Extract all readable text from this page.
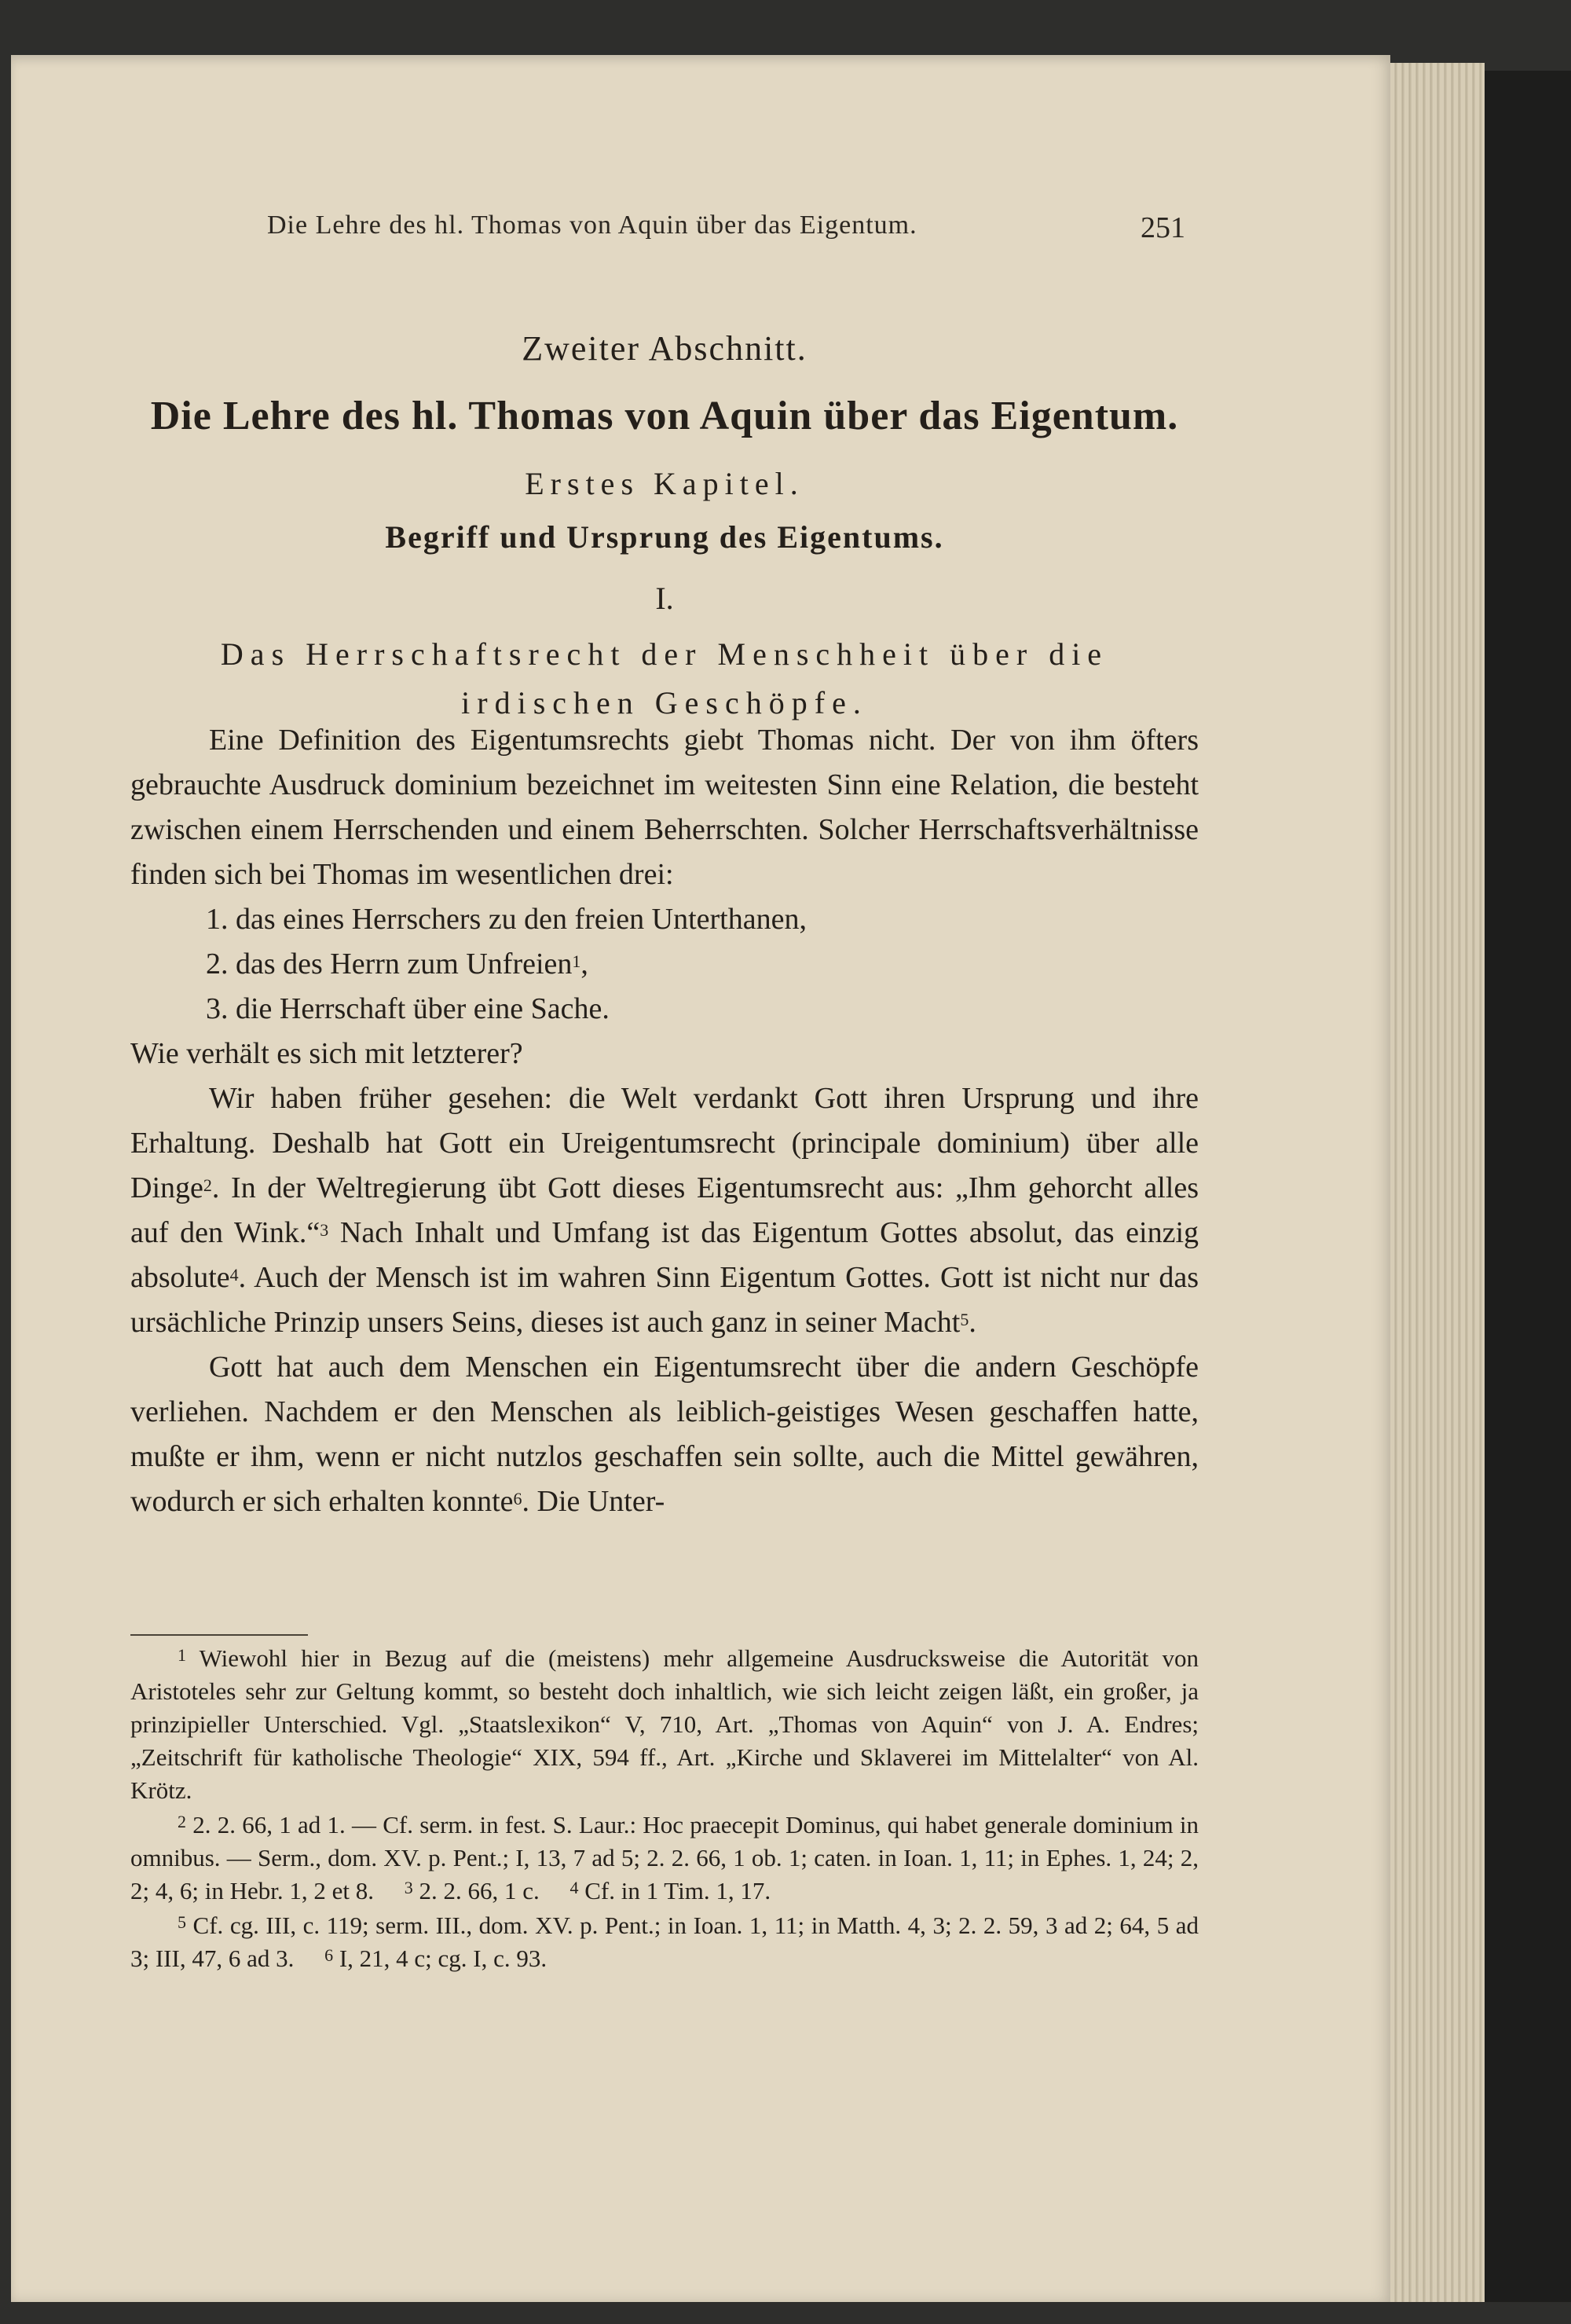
Die Lehre des hl. Thomas von Aquin über das Eigentum.	251
Zweiter Abschnitt.
Die Lehre des hl. Thomas von Aquin über das Eigentum.
Erstes Kapitel.
Begriff und Ursprung des Eigentums.
I.
Das Herrschaftsrecht der Menschheit über die irdischen Geschöpfe.

Eine Definition des Eigentumsrechts giebt Thomas nicht. Der von ihm öfters gebrauchte Ausdruck dominium bezeichnet im weitesten Sinn eine Relation, die besteht zwischen einem Herrschenden und einem Beherrschten. Solcher Herrschaftsverhältnisse finden sich bei Thomas im wesentlichen drei:

1. das eines Herrschers zu den freien Unterthanen,

2. das des Herrn zum Unfreien$^1$,

3. die Herrschaft über eine Sache.

Wie verhält es sich mit letzterer?

Wir haben früher gesehen: die Welt verdankt Gott ihren Ursprung und ihre Erhaltung. Deshalb hat Gott ein Ureigentumsrecht (principale dominium) über alle Dinge$^2$. In der Weltregierung übt Gott dieses Eigentumsrecht aus: „Ihm gehorcht alles auf den Wink.“$^3$ Nach Inhalt und Umfang ist das Eigentum Gottes absolut, das einzig absolute$^4$. Auch der Mensch ist im wahren Sinn Eigentum Gottes. Gott ist nicht nur das ursächliche Prinzip unsers Seins, dieses ist auch ganz in seiner Macht$^5$.

Gott hat auch dem Menschen ein Eigentumsrecht über die andern Geschöpfe verliehen. Nachdem er den Menschen als leiblich-geistiges Wesen geschaffen hatte, mußte er ihm, wenn er nicht nutzlos geschaffen sein sollte, auch die Mittel gewähren, wodurch er sich erhalten konnte$^6$. Die Unter-

$^1$ Wiewohl hier in Bezug auf die (meistens) mehr allgemeine Ausdrucksweise die Autorität von Aristoteles sehr zur Geltung kommt, so besteht doch inhaltlich, wie sich leicht zeigen läßt, ein großer, ja prinzipieller Unterschied. Vgl. „Staatslexikon“ V, 710, Art. „Thomas von Aquin“ von J. A. Endres; „Zeitschrift für katholische Theologie“ XIX, 594 ff., Art. „Kirche und Sklaverei im Mittelalter“ von Al. Krötz.

$^2$ 2. 2. 66, 1 ad 1. — Cf. serm. in fest. S. Laur.: Hoc praecepit Dominus, qui habet generale dominium in omnibus. — Serm., dom. XV. p. Pent.; I, 13, 7 ad 5; 2. 2. 66, 1 ob. 1; caten. in Ioan. 1, 11; in Ephes. 1, 24; 2, 2; 4, 6; in Hebr. 1, 2 et 8. $^3$ 2. 2. 66, 1 c. $^4$ Cf. in 1 Tim. 1, 17.

$^5$ Cf. cg. III, c. 119; serm. III., dom. XV. p. Pent.; in Ioan. 1, 11; in Matth. 4, 3; 2. 2. 59, 3 ad 2; 64, 5 ad 3; III, 47, 6 ad 3. $^6$ I, 21, 4 c; cg. I, c. 93.
